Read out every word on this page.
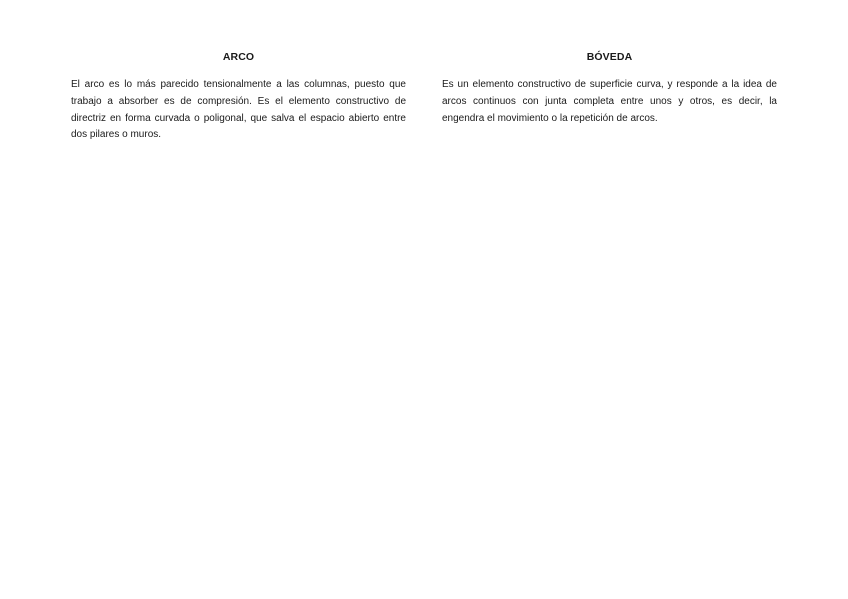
ARCO

El arco es lo más parecido tensionalmente a las columnas, puesto que trabajo a absorber es de compresión. Es el elemento constructivo de directriz en forma curvada o poligonal, que salva el espacio abierto entre dos pilares o muros.

BÓVEDA

Es un elemento constructivo de superficie curva, y responde a la idea de arcos continuos con junta completa entre unos y otros, es decir, la engendra el movimiento o la repetición de arcos.
